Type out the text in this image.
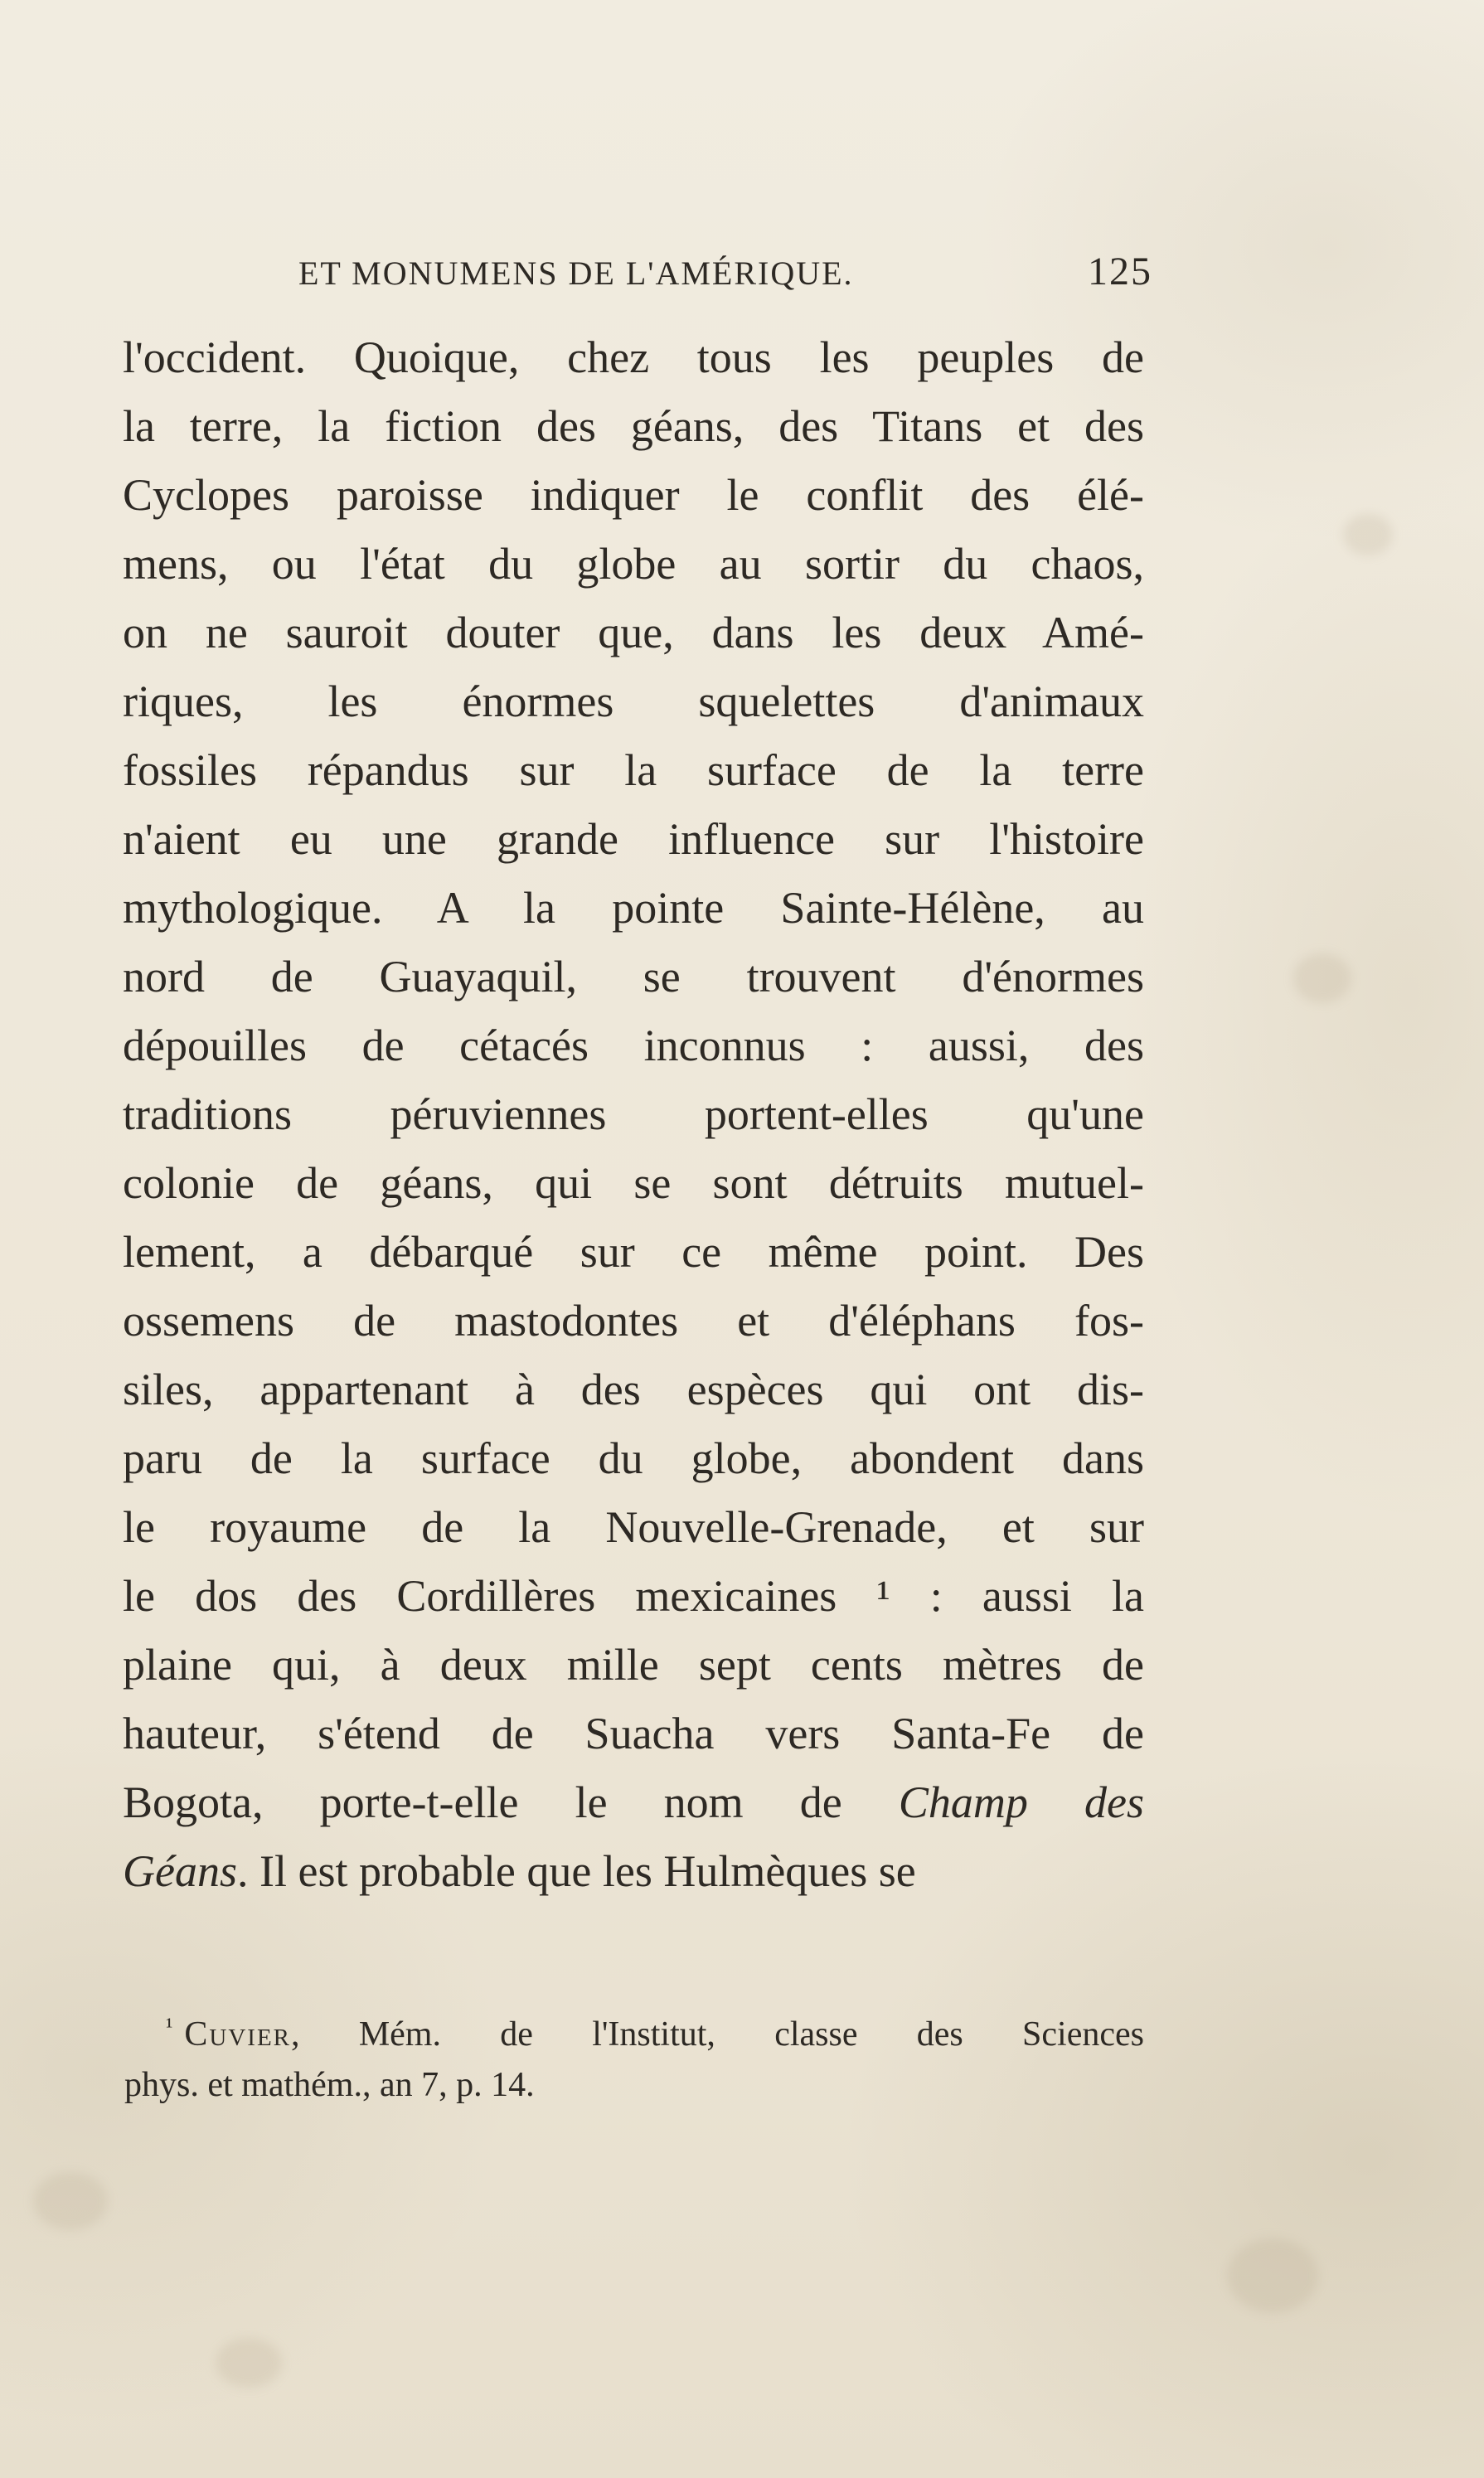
ET MONUMENS DE L'AMÉRIQUE.	125
l'occident. Quoique, chez tous les peuples de
la terre, la fiction des géans, des Titans et des
Cyclopes paroisse indiquer le conflit des élé-
mens, ou l'état du globe au sortir du chaos,
on ne sauroit douter que, dans les deux Amé-
riques, les énormes squelettes d'animaux
fossiles répandus sur la surface de la terre
n'aient eu une grande influence sur l'histoire
mythologique. A la pointe Sainte-Hélène, au
nord de Guayaquil, se trouvent d'énormes
dépouilles de cétacés inconnus : aussi, des
traditions péruviennes portent-elles qu'une
colonie de géans, qui se sont détruits mutuel-
lement, a débarqué sur ce même point. Des
ossemens de mastodontes et d'éléphans fos-
siles, appartenant à des espèces qui ont dis-
paru de la surface du globe, abondent dans
le royaume de la Nouvelle-Grenade, et sur
le dos des Cordillères mexicaines ¹ : aussi la
plaine qui, à deux mille sept cents mètres de
hauteur, s'étend de Suacha vers Santa-Fe de
Bogota, porte-t-elle le nom de Champ des
Géans. Il est probable que les Hulmèques se
$^{^1}$ Cuvier, Mém. de l'Institut, classe des Sciences
phys. et mathém., an 7, p. 14.
